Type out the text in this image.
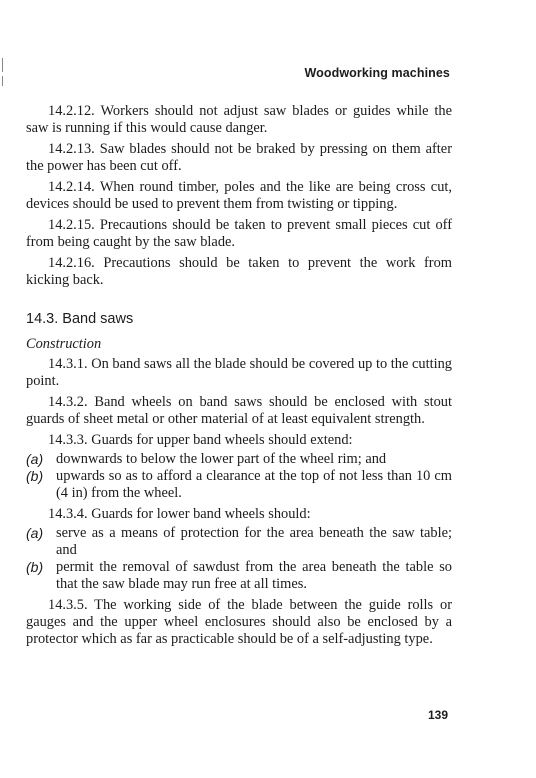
Woodworking machines

14.2.12. Workers should not adjust saw blades or guides while the saw is running if this would cause danger.

14.2.13. Saw blades should not be braked by pressing on them after the power has been cut off.

14.2.14. When round timber, poles and the like are being cross cut, devices should be used to prevent them from twisting or tipping.

14.2.15. Precautions should be taken to prevent small pieces cut off from being caught by the saw blade.

14.2.16. Precautions should be taken to prevent the work from kicking back.

14.3. Band saws
Construction

14.3.1. On band saws all the blade should be covered up to the cutting point.

14.3.2. Band wheels on band saws should be enclosed with stout guards of sheet metal or other material of at least equivalent strength.

14.3.3. Guards for upper band wheels should extend:

(a) downwards to below the lower part of the wheel rim; and
(b) upwards so as to afford a clearance at the top of not less than 10 cm (4 in) from the wheel.

14.3.4. Guards for lower band wheels should:

(a) serve as a means of protection for the area beneath the saw table; and
(b) permit the removal of sawdust from the area beneath the table so that the saw blade may run free at all times.

14.3.5. The working side of the blade between the guide rolls or gauges and the upper wheel enclosures should also be enclosed by a protector which as far as practicable should be of a self-adjusting type.

139
